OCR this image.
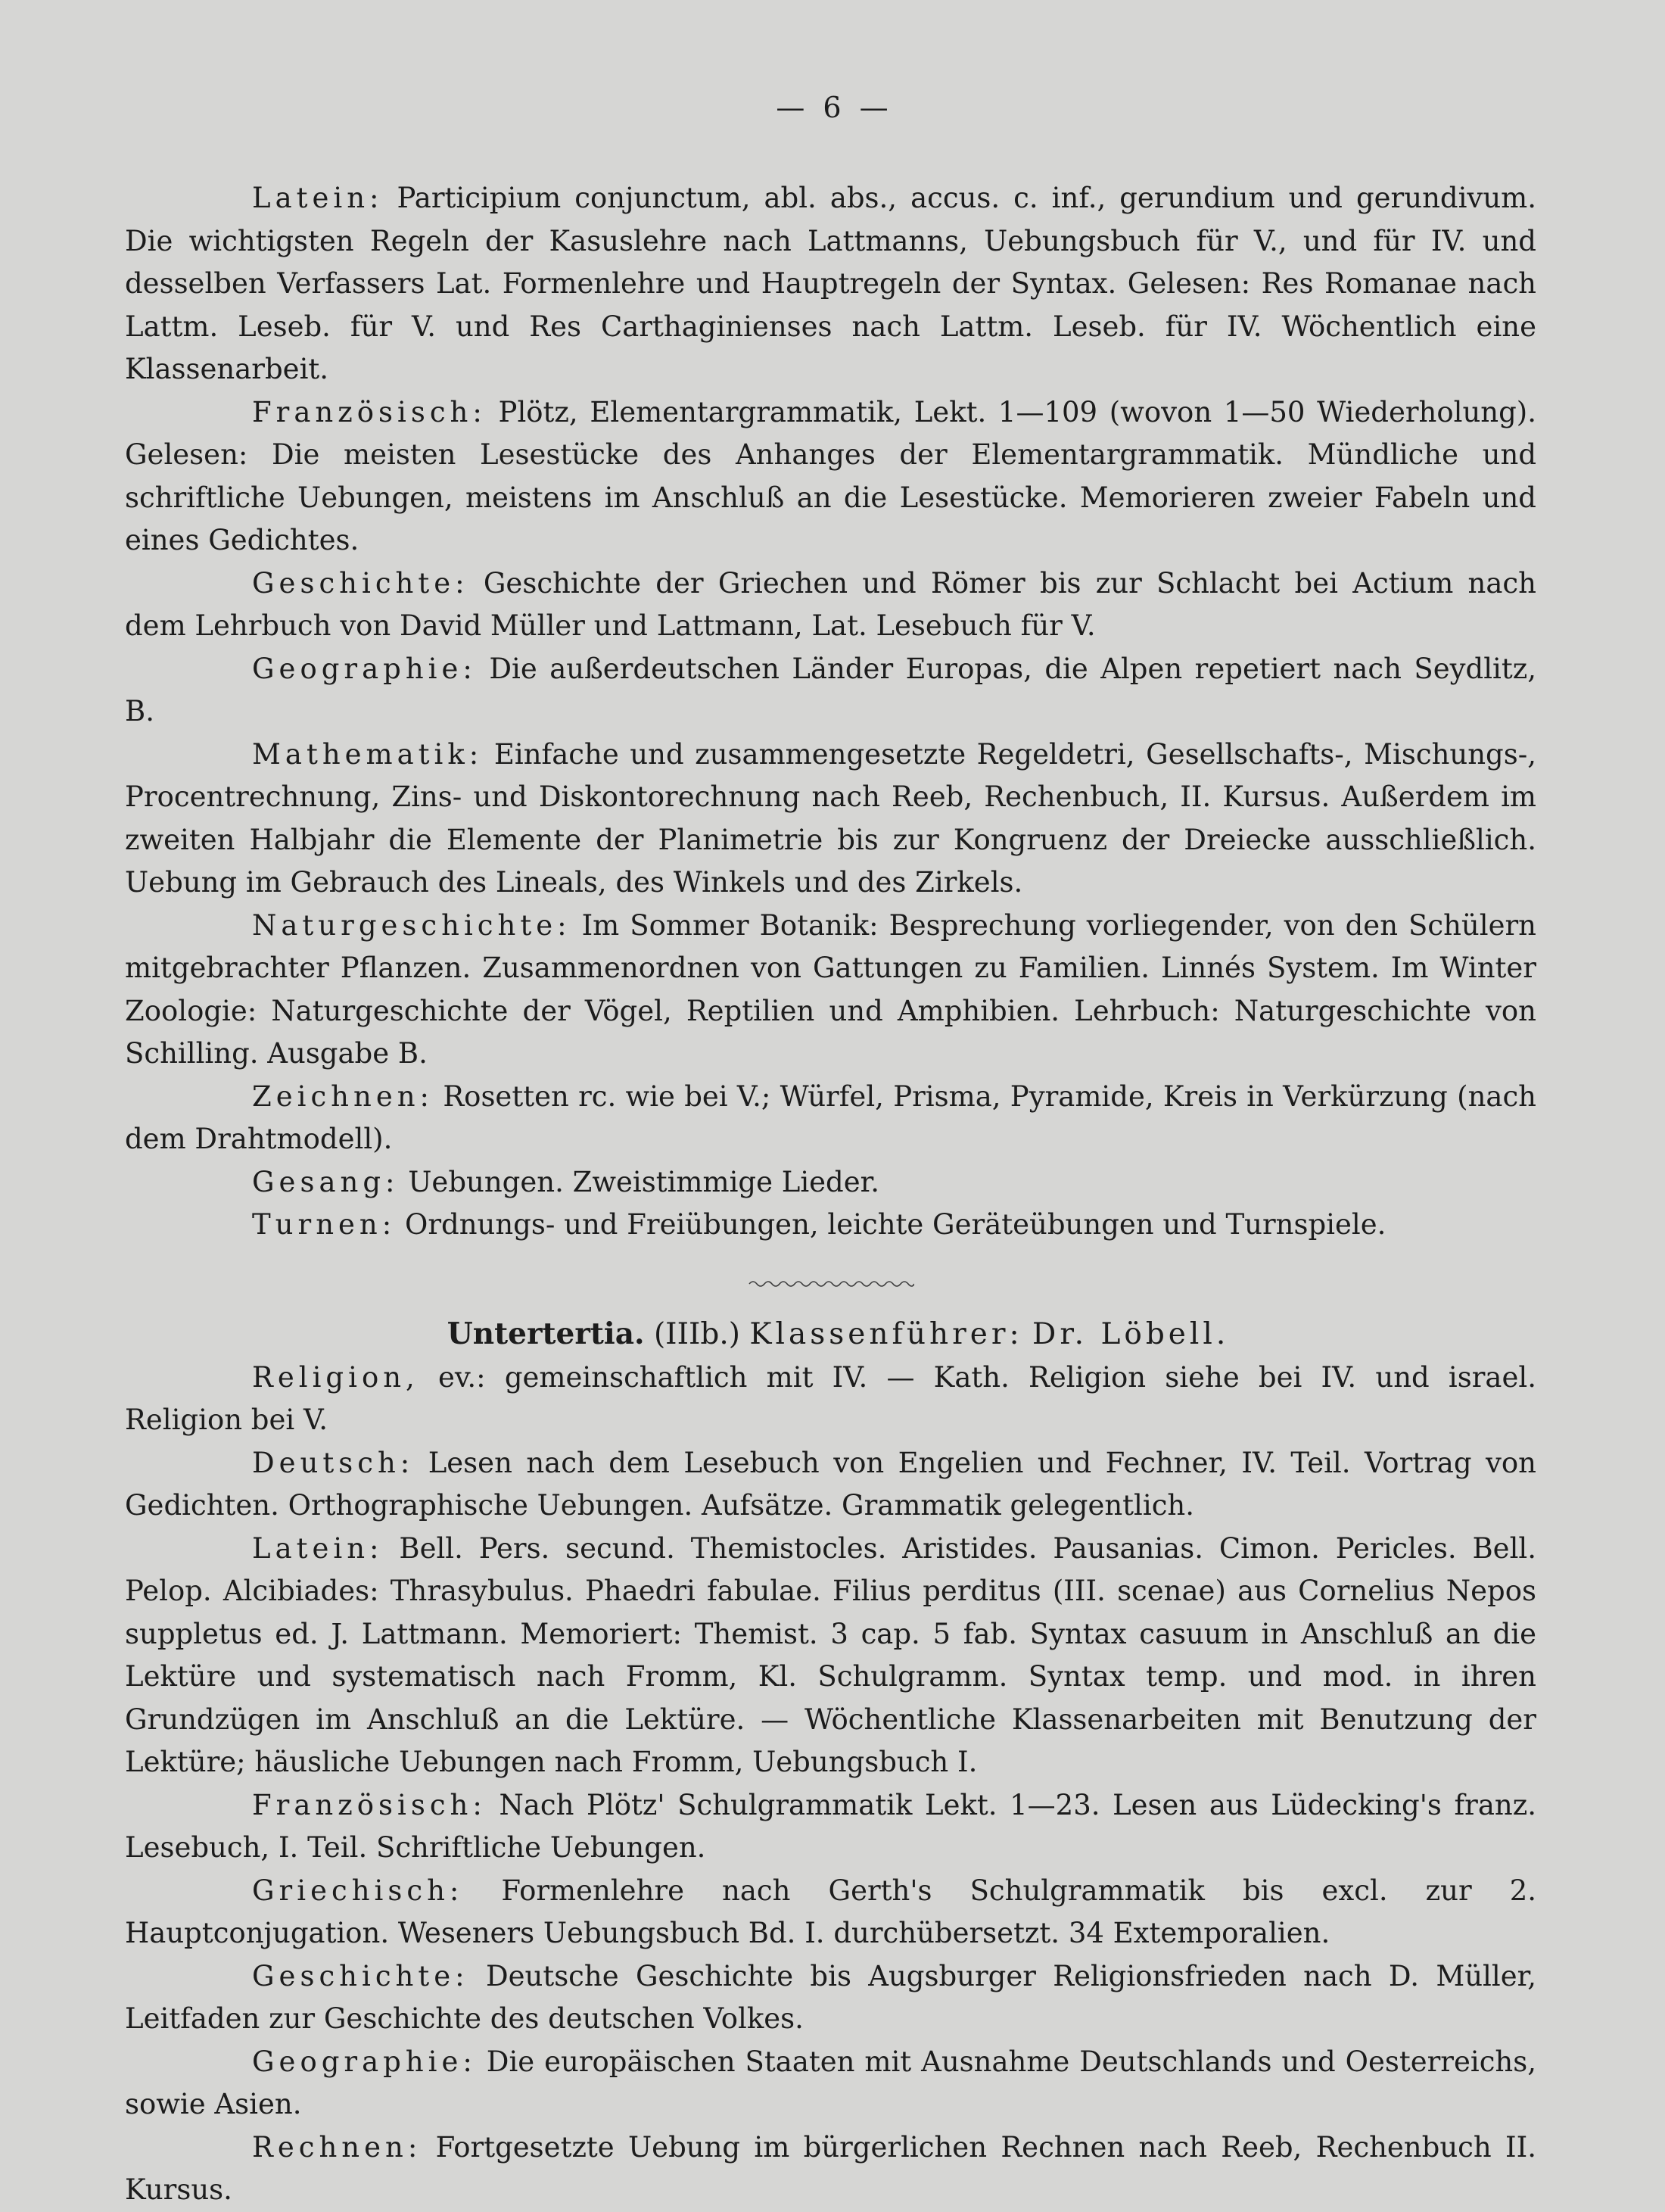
— 6 —

Latein: Participium conjunctum, abl. abs., accus. c. inf., gerundium und gerundivum. Die wichtigsten Regeln der Kasuslehre nach Lattmanns, Uebungsbuch für V., und für IV. und desselben Verfassers Lat. Formenlehre und Hauptregeln der Syntax. Gelesen: Res Romanae nach Lattm. Leseb. für V. und Res Carthaginienses nach Lattm. Leseb. für IV. Wöchentlich eine Klassenarbeit.

Französisch: Plötz, Elementargrammatik, Lekt. 1—109 (wovon 1—50 Wiederholung). Gelesen: Die meisten Lesestücke des Anhanges der Elementargrammatik. Mündliche und schriftliche Uebungen, meistens im Anschluß an die Lesestücke. Memorieren zweier Fabeln und eines Gedichtes.

Geschichte: Geschichte der Griechen und Römer bis zur Schlacht bei Actium nach dem Lehrbuch von David Müller und Lattmann, Lat. Lesebuch für V.

Geographie: Die außerdeutschen Länder Europas, die Alpen repetiert nach Seydlitz, B.

Mathematik: Einfache und zusammengesetzte Regeldetri, Gesellschafts-, Mischungs-, Procentrechnung, Zins- und Diskontorechnung nach Reeb, Rechenbuch, II. Kursus. Außerdem im zweiten Halbjahr die Elemente der Planimetrie bis zur Kongruenz der Dreiecke ausschließlich. Uebung im Gebrauch des Lineals, des Winkels und des Zirkels.

Naturgeschichte: Im Sommer Botanik: Besprechung vorliegender, von den Schülern mitgebrachter Pflanzen. Zusammenordnen von Gattungen zu Familien. Linnés System. Im Winter Zoologie: Naturgeschichte der Vögel, Reptilien und Amphibien. Lehrbuch: Naturgeschichte von Schilling. Ausgabe B.

Zeichnen: Rosetten rc. wie bei V.; Würfel, Prisma, Pyramide, Kreis in Verkürzung (nach dem Drahtmodell).

Gesang: Uebungen. Zweistimmige Lieder.

Turnen: Ordnungs- und Freiübungen, leichte Geräteübungen und Turnspiele.

Untertertia. (IIIb.) Klassenführer: Dr. Löbell.

Religion, ev.: gemeinschaftlich mit IV. — Kath. Religion siehe bei IV. und israel. Religion bei V.

Deutsch: Lesen nach dem Lesebuch von Engelien und Fechner, IV. Teil. Vortrag von Gedichten. Orthographische Uebungen. Aufsätze. Grammatik gelegentlich.

Latein: Bell. Pers. secund. Themistocles. Aristides. Pausanias. Cimon. Pericles. Bell. Pelop. Alcibiades: Thrasybulus. Phaedri fabulae. Filius perditus (III. scenae) aus Cornelius Nepos suppletus ed. J. Lattmann. Memoriert: Themist. 3 cap. 5 fab. Syntax casuum in Anschluß an die Lektüre und systematisch nach Fromm, Kl. Schulgramm. Syntax temp. und mod. in ihren Grundzügen im Anschluß an die Lektüre. — Wöchentliche Klassenarbeiten mit Benutzung der Lektüre; häusliche Uebungen nach Fromm, Uebungsbuch I.

Französisch: Nach Plötz' Schulgrammatik Lekt. 1—23. Lesen aus Lüdecking's franz. Lesebuch, I. Teil. Schriftliche Uebungen.

Griechisch: Formenlehre nach Gerth's Schulgrammatik bis excl. zur 2. Hauptconjugation. Weseners Uebungsbuch Bd. I. durchübersetzt. 34 Extemporalien.

Geschichte: Deutsche Geschichte bis Augsburger Religionsfrieden nach D. Müller, Leitfaden zur Geschichte des deutschen Volkes.

Geographie: Die europäischen Staaten mit Ausnahme Deutschlands und Oesterreichs, sowie Asien.

Rechnen: Fortgesetzte Uebung im bürgerlichen Rechnen nach Reeb, Rechenbuch II. Kursus.
